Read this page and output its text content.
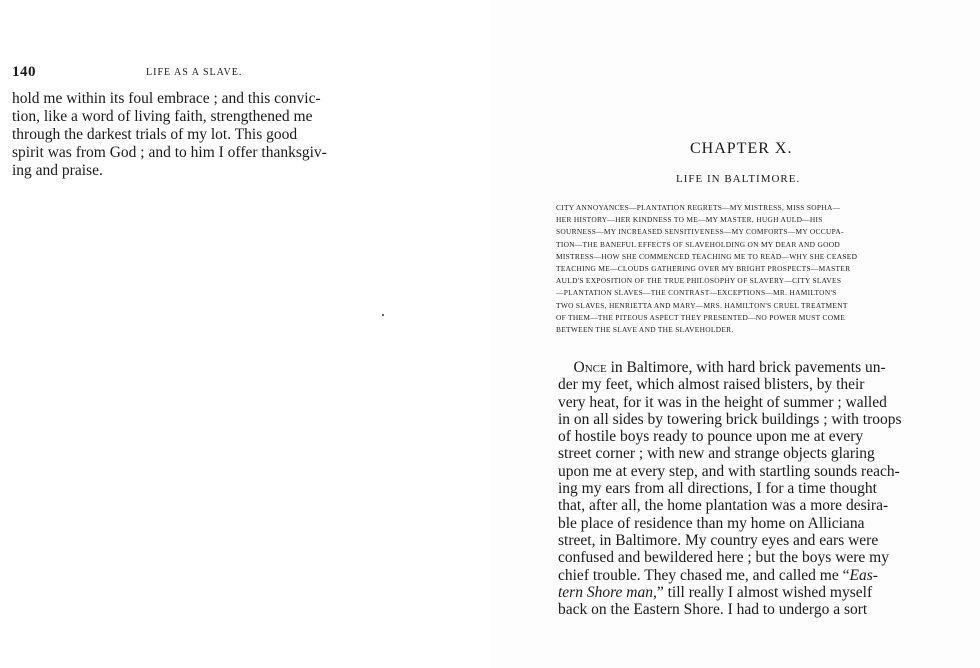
140	LIFE AS A SLAVE.
hold me within its foul embrace ; and this convic-
tion, like a word of living faith, strengthened me
through the darkest trials of my lot. This good
spirit was from God ; and to him I offer thanksgiv-
ing and praise.
CHAPTER X.
LIFE IN BALTIMORE.
CITY ANNOYANCES—PLANTATION REGRETS—MY MISTRESS, MISS SOPHA—
HER HISTORY—HER KINDNESS TO ME—MY MASTER, HUGH AULD—HIS
SOURNESS—MY INCREASED SENSITIVENESS—MY COMFORTS—MY OCCUPA-
TION—THE BANEFUL EFFECTS OF SLAVEHOLDING ON MY DEAR AND GOOD
MISTRESS—HOW SHE COMMENCED TEACHING ME TO READ—WHY SHE CEASED
TEACHING ME—CLOUDS GATHERING OVER MY BRIGHT PROSPECTS—MASTER
AULD'S EXPOSITION OF THE TRUE PHILOSOPHY OF SLAVERY—CITY SLAVES
—PLANTATION SLAVES—THE CONTRAST—EXCEPTIONS—MR. HAMILTON'S
TWO SLAVES, HENRIETTA AND MARY—MRS. HAMILTON'S CRUEL TREATMENT
OF THEM—THE PITEOUS ASPECT THEY PRESENTED—NO POWER MUST COME
BETWEEN THE SLAVE AND THE SLAVEHOLDER.
 Once in Baltimore, with hard brick pavements un-
der my feet, which almost raised blisters, by their
very heat, for it was in the height of summer ; walled
in on all sides by towering brick buildings ; with troops
of hostile boys ready to pounce upon me at every
street corner ; with new and strange objects glaring
upon me at every step, and with startling sounds reach-
ing my ears from all directions, I for a time thought
that, after all, the home plantation was a more desira-
ble place of residence than my home on Alliciana
street, in Baltimore. My country eyes and ears were
confused and bewildered here ; but the boys were my
chief trouble. They chased me, and called me “Eas-
tern Shore man,” till really I almost wished myself
back on the Eastern Shore. I had to undergo a sort
